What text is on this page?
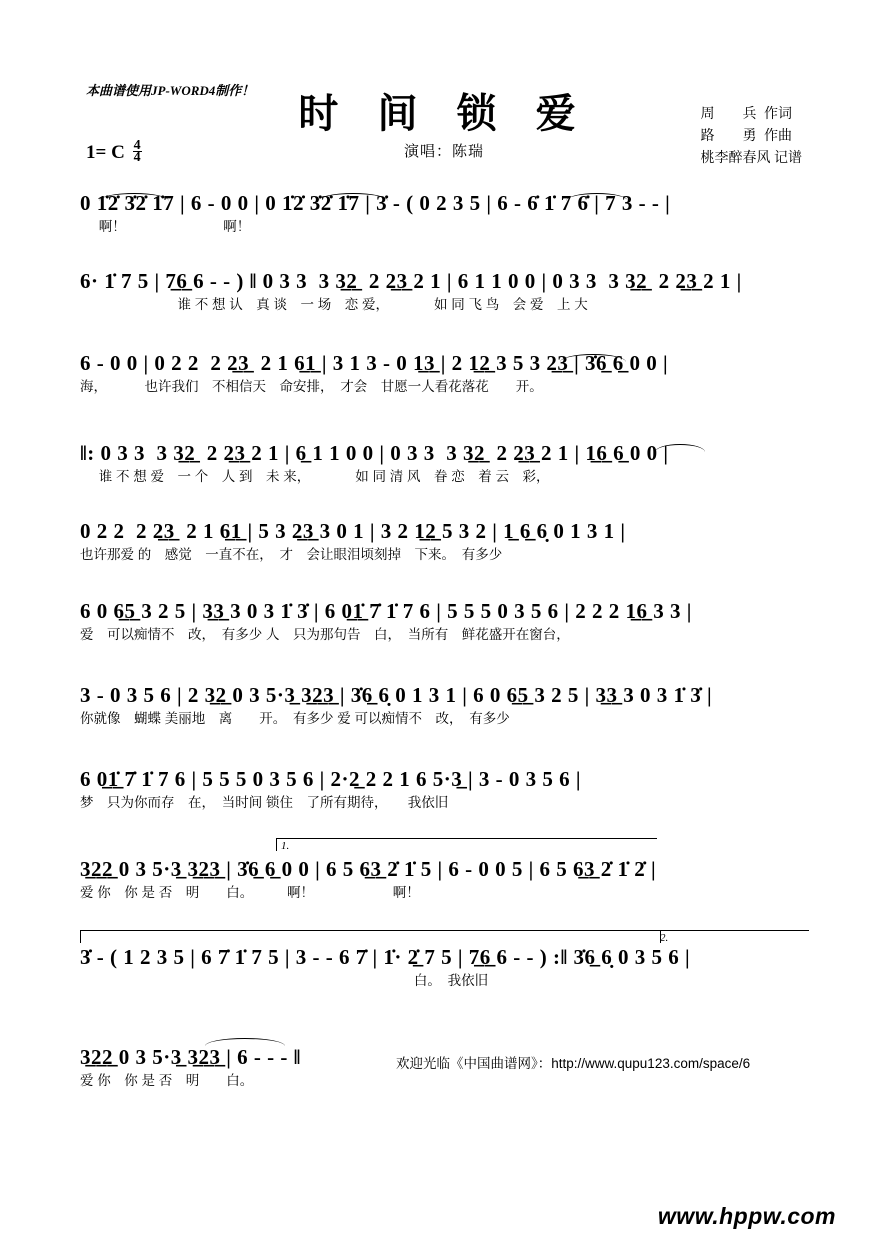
本曲谱使用JP-WORD4制作！
时 间 锁 爱
演唱：陈瑞
周　　兵 作词
路　　勇 作曲
桃李醉春风 记谱
1= C $\frac{4}{4}$
0 1̇2̇ 3̇2̇ 1̇7 | 6 - 0 0 | 0 1̇2̇ 3̇2̇ 1̇7 | 3̇ - ( 0 2 3 5 | 6 - 6̇ 1̇ 7 6̇ | 7 3 - - |
啊！                          啊！
6· 1̇ 7 5 | 7̲6̲ 6 - - ) ‖ 0 3 3  3 3̲2̲  2 2̲3̲ 2 1 | 6 1 1 0 0 | 0 3 3  3 3̲2̲  2 2̲3̲ 2 1 |
谁 不 想 认　真 谈　一 场　恋 爱，            如 同 飞 鸟　会 爱　上 大
6 - 0 0 | 0 2 2  2 2̲3̲  2 1 6̲1̲ | 3 1 3 - 0 1̲3̲ | 2 1̲2̲ 3 5 3 2̲3̲ | 3̇6̲ 6̲ 0 0 |
海，          也许我们　不相信天　命安排，　才会　甘愿一人看花落花　　开。
‖: 0 3 3  3 3̲2̲  2 2̲3̲ 2 1 | 6̲ 1 1 0 0 | 0 3 3  3 3̲2̲  2 2̲3̲ 2 1 | 1̲6̲ 6̲ 0 0 |
谁 不 想 爱　一 个　人 到　未 来，            如 同 清 风　眷 恋　着 云　彩，
0 2 2  2 2̲3̲  2 1 6̲1̲ | 5 3 2̲3̲ 3 0 1 | 3 2 1̲2̲ 5 3 2 | 1̲ 6̲ 6̣ 0 1 3 1 |
也许那爱 的　感觉　一直不在，　才　会让眼泪顷刻掉　下来。　有多少
6 0 6̲5̲ 3 2 5 | 3̲3̲ 3 0 3 1̇ 3̇ | 6 0̲1̲̇ 7̇ 1̇ 7 6 | 5 5 5 0 3 5 6 | 2 2 2 1̲6̲ 3 3 |
爱　可以痴情不　改，　有多少 人　只为那句告　白，　当所有　鲜花盛开在窗台，
3 - 0 3 5 6 | 2 3̲2̲ 0 3 5·3̲ 3̲2̲3̲ | 3̇6̲ 6̣ 0 1 3 1 | 6 0 6̲5̲ 3 2 5 | 3̲3̲ 3 0 3 1̇ 3̇ |
你就像　蝴蝶 美丽地　离　　开。　有多少 爱 可以痴情不　改，　有多少
6 0̲1̲̇ 7̇ 1̇ 7 6 | 5 5 5 0 3 5 6 | 2·2̲ 2 2 1 6 5·3̲ | 3 - 0 3 5 6 |
梦　只为你而存　在，　当时间 锁住　了所有期待，　　我依旧
3̲2̲2̲ 0 3 5·3̲ 3̲2̲3̲ | 3̇6̲ 6̲ 0 0 | 6 5 6̲3̲ 2̇ 1̇ 5 | 6 - 0 0 5 | 6 5 6̲3̲ 2̇ 1̇ 2̇ |
爱 你　你 是 否　明　　白。　　　啊！                     啊！
3̇ - ( 1 2 3 5 | 6 7̇ 1̇ 7 5 | 3 - - 6 7̇ | 1̇· 2̲̇ 7 5 | 7̲6̲ 6 - - ) :‖ 3̇6̲ 6̣ 0 3 5 6 |
白。　我依旧
3̲2̲2̲ 0 3 5·3̲ 3̲2̲3̲ | 6 - - - ‖
爱 你　你 是 否　明　　白。
1.
2.
欢迎光临《中国曲谱网》：http://www.qupu123.com/space/6
www.hppw.com
